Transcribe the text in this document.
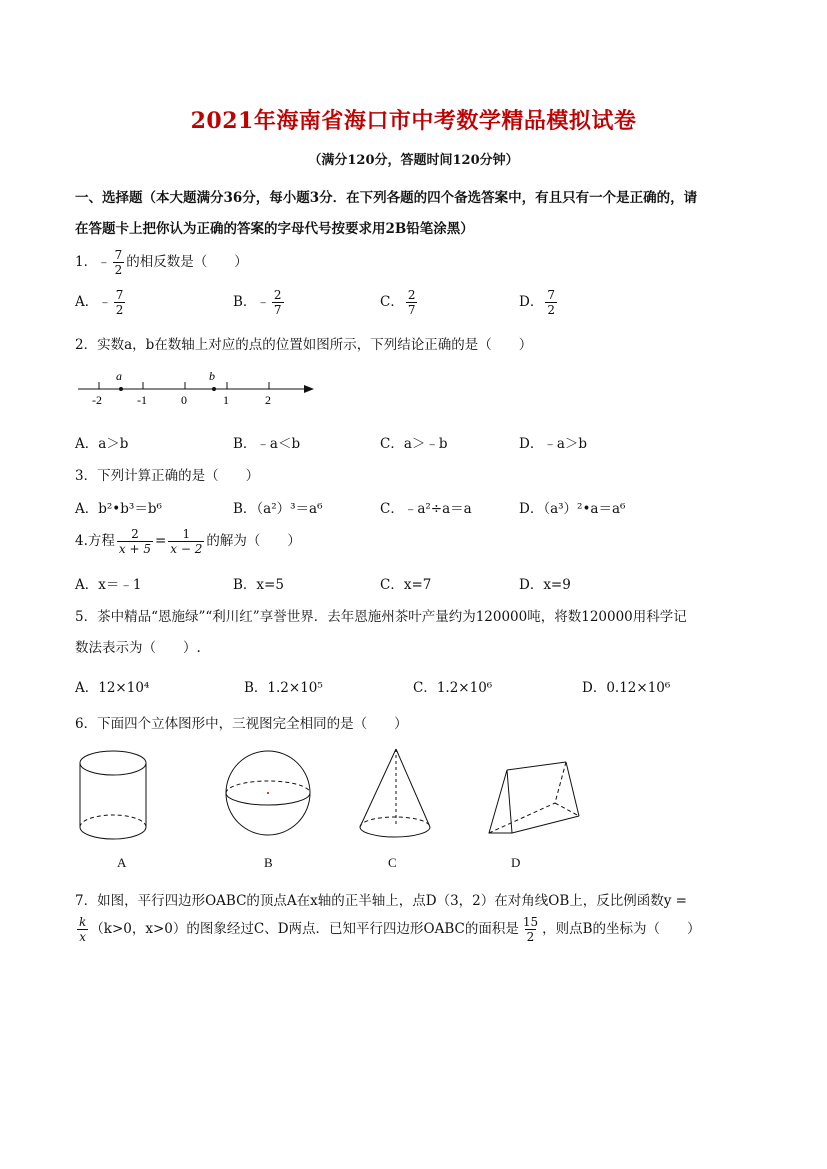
2021年海南省海口市中考数学精品模拟试卷
（满分120分，答题时间120分钟）
一、选择题（本大题满分36分，每小题3分．在下列各题的四个备选答案中，有且只有一个是正确的，请
在答题卡上把你认为正确的答案的字母代号按要求用2B铅笔涂黑）
1．﹣ $\frac{7}{2}$ 的相反数是（　　）
A．﹣ $\frac{7}{2}$	B．﹣ $\frac{2}{7}$	C． $\frac{2}{7}$	D． $\frac{7}{2}$
2．实数a，b在数轴上对应的点的位置如图所示，下列结论正确的是（　　）
a	b
-2	-1	0	1	2
A．a＞b	B．﹣a＜b	C．a＞﹣b	D．﹣a＞b
3．下列计算正确的是（　　）
A．b²•b³＝b⁶	B．（a²）³＝a⁶	C．﹣a²÷a＝a	D．（a³）²•a＝a⁶
4.方程 $\frac{2}{x + 5} = \frac{1}{x - 2}$ 的解为（　　）
A．x＝﹣1	B．x=5	C．x=7	D．x=9
5．茶中精品“恩施绿”“利川红”享誉世界．去年恩施州茶叶产量约为120000吨，将数120000用科学记
数法表示为（　　）.
A．12×10⁴	B．1.2×10⁵	C．1.2×10⁶	D．0.12×10⁶
6．下面四个立体图形中，三视图完全相同的是（　　）
A	B	C	D
7．如图，平行四边形OABC的顶点A在x轴的正半轴上，点D（3，2）在对角线OB上，反比例函数y =
$\frac{k}{x} (k>0$，x>0）的图象经过C、D两点．已知平行四边形OABC的面积是 $\frac{15}{2}$ ，则点B的坐标为（　　）
